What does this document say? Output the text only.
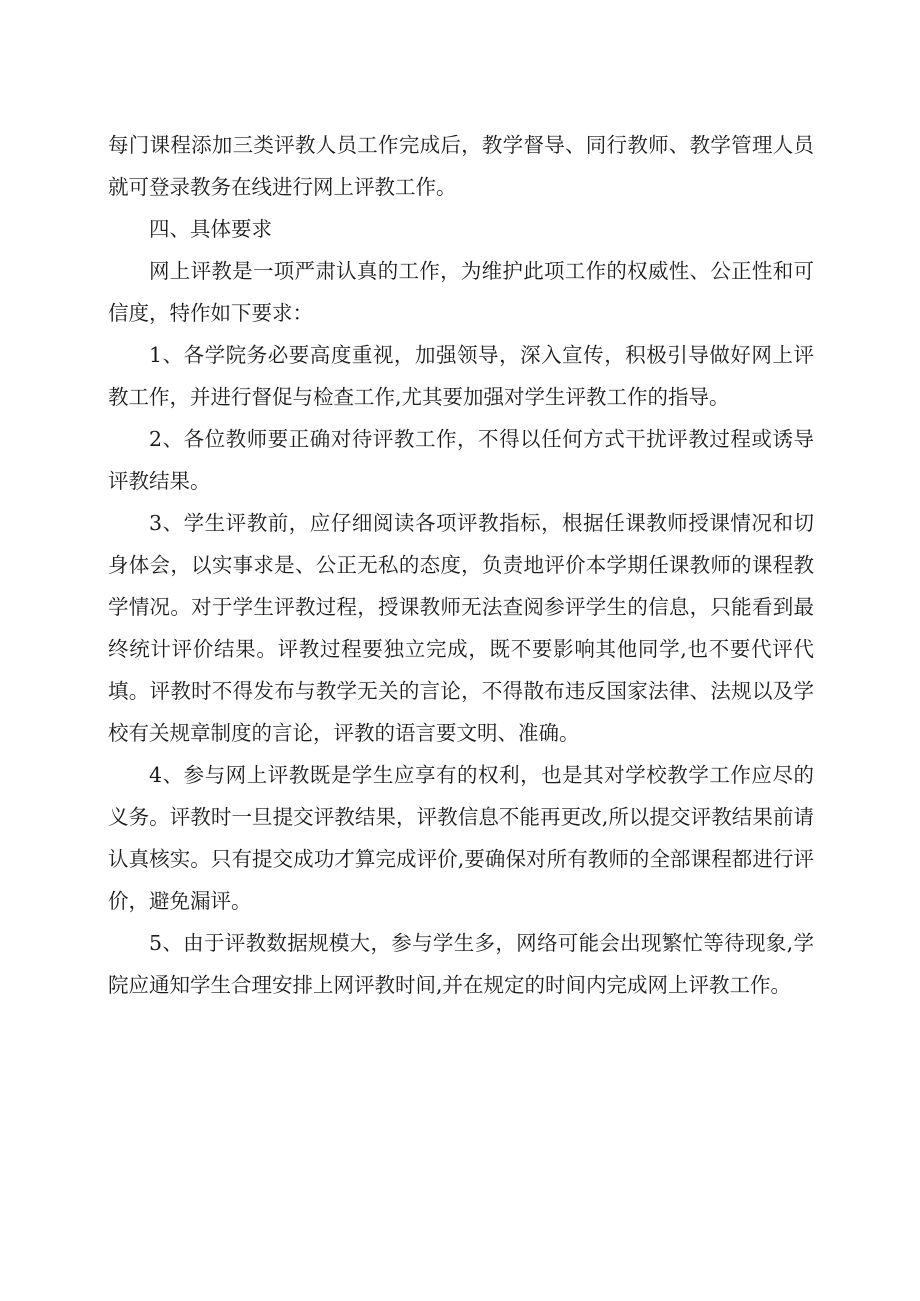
每门课程添加三类评教人员工作完成后，教学督导、同行教师、教学管理人员就可登录教务在线进行网上评教工作。

四、具体要求

网上评教是一项严肃认真的工作，为维护此项工作的权威性、公正性和可信度，特作如下要求：

1、各学院务必要高度重视，加强领导，深入宣传，积极引导做好网上评教工作，并进行督促与检查工作,尤其要加强对学生评教工作的指导。

2、各位教师要正确对待评教工作，不得以任何方式干扰评教过程或诱导评教结果。

3、学生评教前，应仔细阅读各项评教指标，根据任课教师授课情况和切身体会，以实事求是、公正无私的态度，负责地评价本学期任课教师的课程教学情况。对于学生评教过程，授课教师无法查阅参评学生的信息，只能看到最终统计评价结果。评教过程要独立完成，既不要影响其他同学,也不要代评代填。评教时不得发布与教学无关的言论，不得散布违反国家法律、法规以及学校有关规章制度的言论，评教的语言要文明、准确。

4、参与网上评教既是学生应享有的权利，也是其对学校教学工作应尽的义务。评教时一旦提交评教结果，评教信息不能再更改,所以提交评教结果前请认真核实。只有提交成功才算完成评价,要确保对所有教师的全部课程都进行评价，避免漏评。

5、由于评教数据规模大，参与学生多，网络可能会出现繁忙等待现象,学院应通知学生合理安排上网评教时间,并在规定的时间内完成网上评教工作。
